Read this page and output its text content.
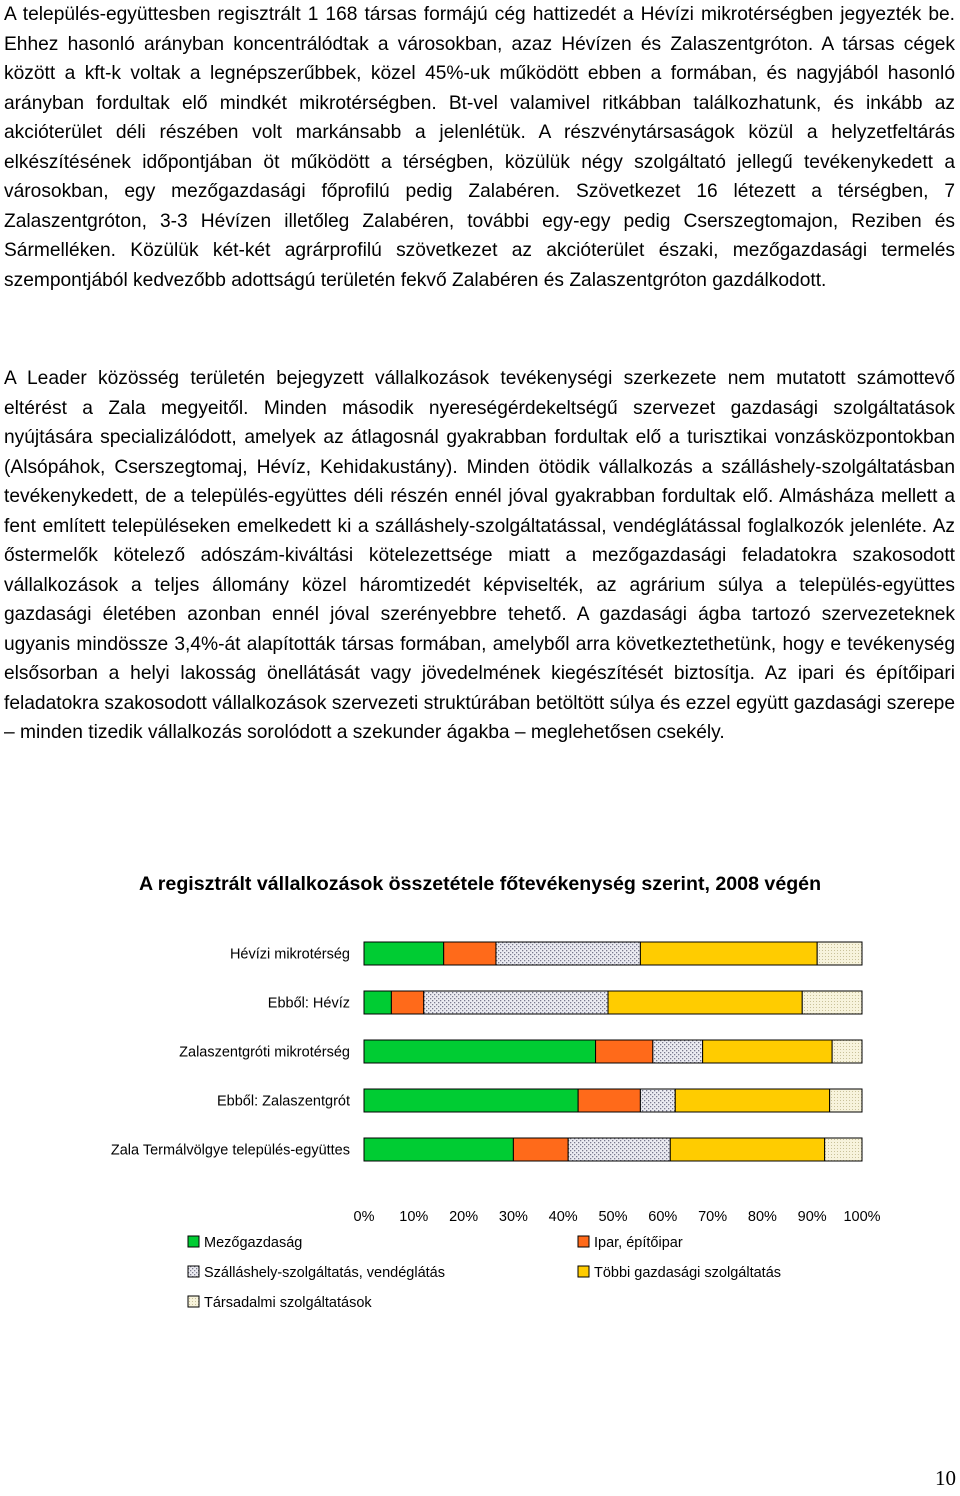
A település-együttesben regisztrált 1 168 társas formájú cég hattizedét a Hévízi mikrotérségben jegyezték be. Ehhez hasonló arányban koncentrálódtak a városokban, azaz Hévízen és Zalaszentgróton. A társas cégek között a kft-k voltak a legnépszerűbbek, közel 45%-uk működött ebben a formában, és nagyjából hasonló arányban fordultak elő mindkét mikrotérségben. Bt-vel valamivel ritkábban találkozhatunk, és inkább az akcióterület déli részében volt markánsabb a jelenlétük. A részvénytársaságok közül a helyzetfeltárás elkészítésének időpontjában öt működött a térségben, közülük négy szolgáltató jellegű tevékenykedett a városokban, egy mezőgazdasági főprofilú pedig Zalabéren. Szövetkezet 16 létezett a térségben, 7 Zalaszentgróton, 3-3 Hévízen illetőleg Zalabéren, további egy-egy pedig Cserszegtomajon, Reziben és Sármelléken. Közülük két-két agrárprofilú szövetkezet az akcióterület északi, mezőgazdasági termelés szempontjából kedvezőbb adottságú területén fekvő Zalabéren és Zalaszentgróton gazdálkodott.

A Leader közösség területén bejegyzett vállalkozások tevékenységi szerkezete nem mutatott számottevő eltérést a Zala megyeitől. Minden második nyereségérdekeltségű szervezet gazdasági szolgáltatások nyújtására specializálódott, amelyek az átlagosnál gyakrabban fordultak elő a turisztikai vonzásközpontokban (Alsópáhok, Cserszegtomaj, Hévíz, Kehidakustány). Minden ötödik vállalkozás a szálláshely-szolgáltatásban tevékenykedett, de a település-együttes déli részén ennél jóval gyakrabban fordultak elő. Almásháza mellett a fent említett településeken emelkedett ki a szálláshely-szolgáltatással, vendéglátással foglalkozók jelenléte. Az őstermelők kötelező adószám-kiváltási kötelezettsége miatt a mezőgazdasági feladatokra szakosodott vállalkozások a teljes állomány közel háromtizedét képviselték, az agrárium súlya a település-együttes gazdasági életében azonban ennél jóval szerényebbre tehető. A gazdasági ágba tartozó szervezeteknek ugyanis mindössze 3,4%-át alapították társas formában, amelyből arra következtethetünk, hogy e tevékenység elsősorban a helyi lakosság önellátását vagy jövedelmének kiegészítését biztosítja. Az ipari és építőipari feladatokra szakosodott vállalkozások szervezeti struktúrában betöltött súlya és ezzel együtt gazdasági szerepe – minden tizedik vállalkozás sorolódott a szekunder ágakba – meglehetősen csekély.

A regisztrált vállalkozások összetétele főtevékenység szerint, 2008 végén
Hévízi mikrotérség
Ebből: Hévíz
Zalaszentgróti mikrotérség
Ebből: Zalaszentgrót
Zala Termálvölgye település-együttes
0% 10% 20% 30% 40% 50% 60% 70% 80% 90% 100%
Mezőgazdaság	Ipar, építőipar
Szálláshely-szolgáltatás, vendéglátás	Többi gazdasági szolgáltatás
Társadalmi szolgáltatások
10
